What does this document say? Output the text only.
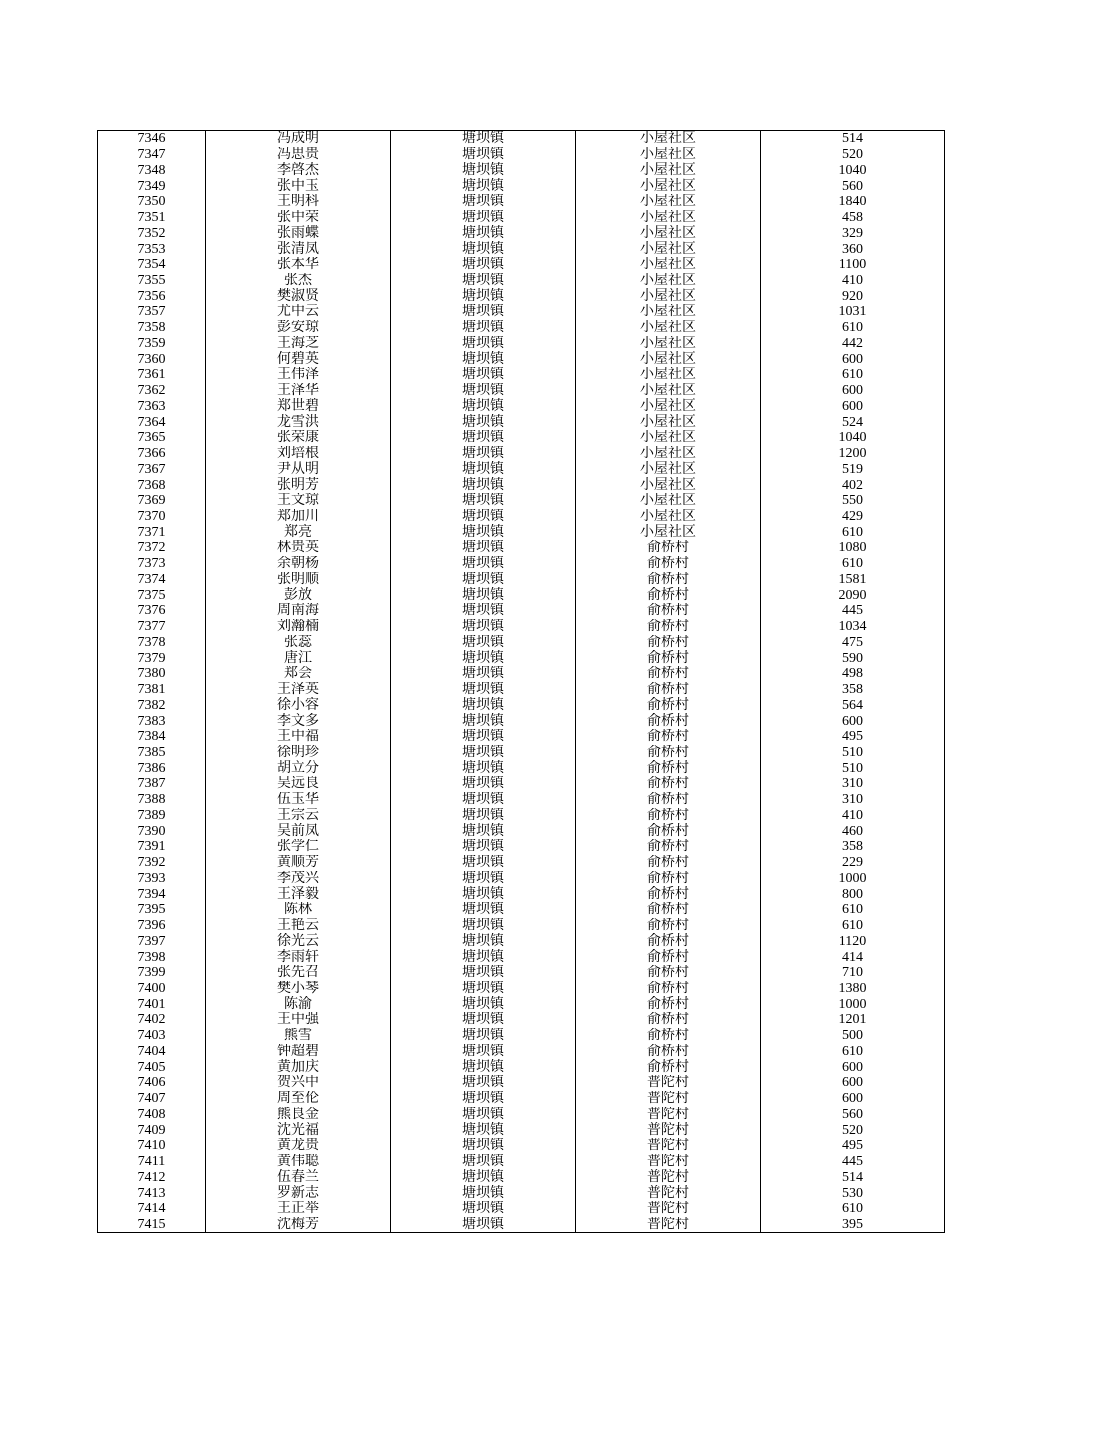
7346	冯成明	塘坝镇	小屋社区	514
7347	冯思贵	塘坝镇	小屋社区	520
7348	李啓杰	塘坝镇	小屋社区	1040
7349	张中玉	塘坝镇	小屋社区	560
7350	王明科	塘坝镇	小屋社区	1840
7351	张中荣	塘坝镇	小屋社区	458
7352	张雨蝶	塘坝镇	小屋社区	329
7353	张清凤	塘坝镇	小屋社区	360
7354	张本华	塘坝镇	小屋社区	1100
7355	张杰	塘坝镇	小屋社区	410
7356	樊淑贤	塘坝镇	小屋社区	920
7357	尤中云	塘坝镇	小屋社区	1031
7358	彭安琼	塘坝镇	小屋社区	610
7359	王海芝	塘坝镇	小屋社区	442
7360	何碧英	塘坝镇	小屋社区	600
7361	王伟泽	塘坝镇	小屋社区	610
7362	王泽华	塘坝镇	小屋社区	600
7363	郑世碧	塘坝镇	小屋社区	600
7364	龙雪洪	塘坝镇	小屋社区	524
7365	张荣康	塘坝镇	小屋社区	1040
7366	刘培根	塘坝镇	小屋社区	1200
7367	尹从明	塘坝镇	小屋社区	519
7368	张明芳	塘坝镇	小屋社区	402
7369	王文琼	塘坝镇	小屋社区	550
7370	郑加川	塘坝镇	小屋社区	429
7371	郑亮	塘坝镇	小屋社区	610
7372	林贵英	塘坝镇	俞桥村	1080
7373	余朝杨	塘坝镇	俞桥村	610
7374	张明顺	塘坝镇	俞桥村	1581
7375	彭放	塘坝镇	俞桥村	2090
7376	周南海	塘坝镇	俞桥村	445
7377	刘瀚楠	塘坝镇	俞桥村	1034
7378	张蕊	塘坝镇	俞桥村	475
7379	唐江	塘坝镇	俞桥村	590
7380	郑会	塘坝镇	俞桥村	498
7381	王泽英	塘坝镇	俞桥村	358
7382	徐小容	塘坝镇	俞桥村	564
7383	李文多	塘坝镇	俞桥村	600
7384	王中福	塘坝镇	俞桥村	495
7385	徐明珍	塘坝镇	俞桥村	510
7386	胡立分	塘坝镇	俞桥村	510
7387	吴远良	塘坝镇	俞桥村	310
7388	伍玉华	塘坝镇	俞桥村	310
7389	王宗云	塘坝镇	俞桥村	410
7390	吴前凤	塘坝镇	俞桥村	460
7391	张学仁	塘坝镇	俞桥村	358
7392	黄顺芳	塘坝镇	俞桥村	229
7393	李茂兴	塘坝镇	俞桥村	1000
7394	王泽毅	塘坝镇	俞桥村	800
7395	陈林	塘坝镇	俞桥村	610
7396	王艳云	塘坝镇	俞桥村	610
7397	徐光云	塘坝镇	俞桥村	1120
7398	李雨轩	塘坝镇	俞桥村	414
7399	张先召	塘坝镇	俞桥村	710
7400	樊小琴	塘坝镇	俞桥村	1380
7401	陈渝	塘坝镇	俞桥村	1000
7402	王中强	塘坝镇	俞桥村	1201
7403	熊雪	塘坝镇	俞桥村	500
7404	钟超碧	塘坝镇	俞桥村	610
7405	黄加庆	塘坝镇	俞桥村	600
7406	贺兴中	塘坝镇	普陀村	600
7407	周至伦	塘坝镇	普陀村	600
7408	熊良金	塘坝镇	普陀村	560
7409	沈光福	塘坝镇	普陀村	520
7410	黄龙贵	塘坝镇	普陀村	495
7411	黄伟聪	塘坝镇	普陀村	445
7412	伍春兰	塘坝镇	普陀村	514
7413	罗新志	塘坝镇	普陀村	530
7414	王正举	塘坝镇	普陀村	610
7415	沈梅芳	塘坝镇	普陀村	395
